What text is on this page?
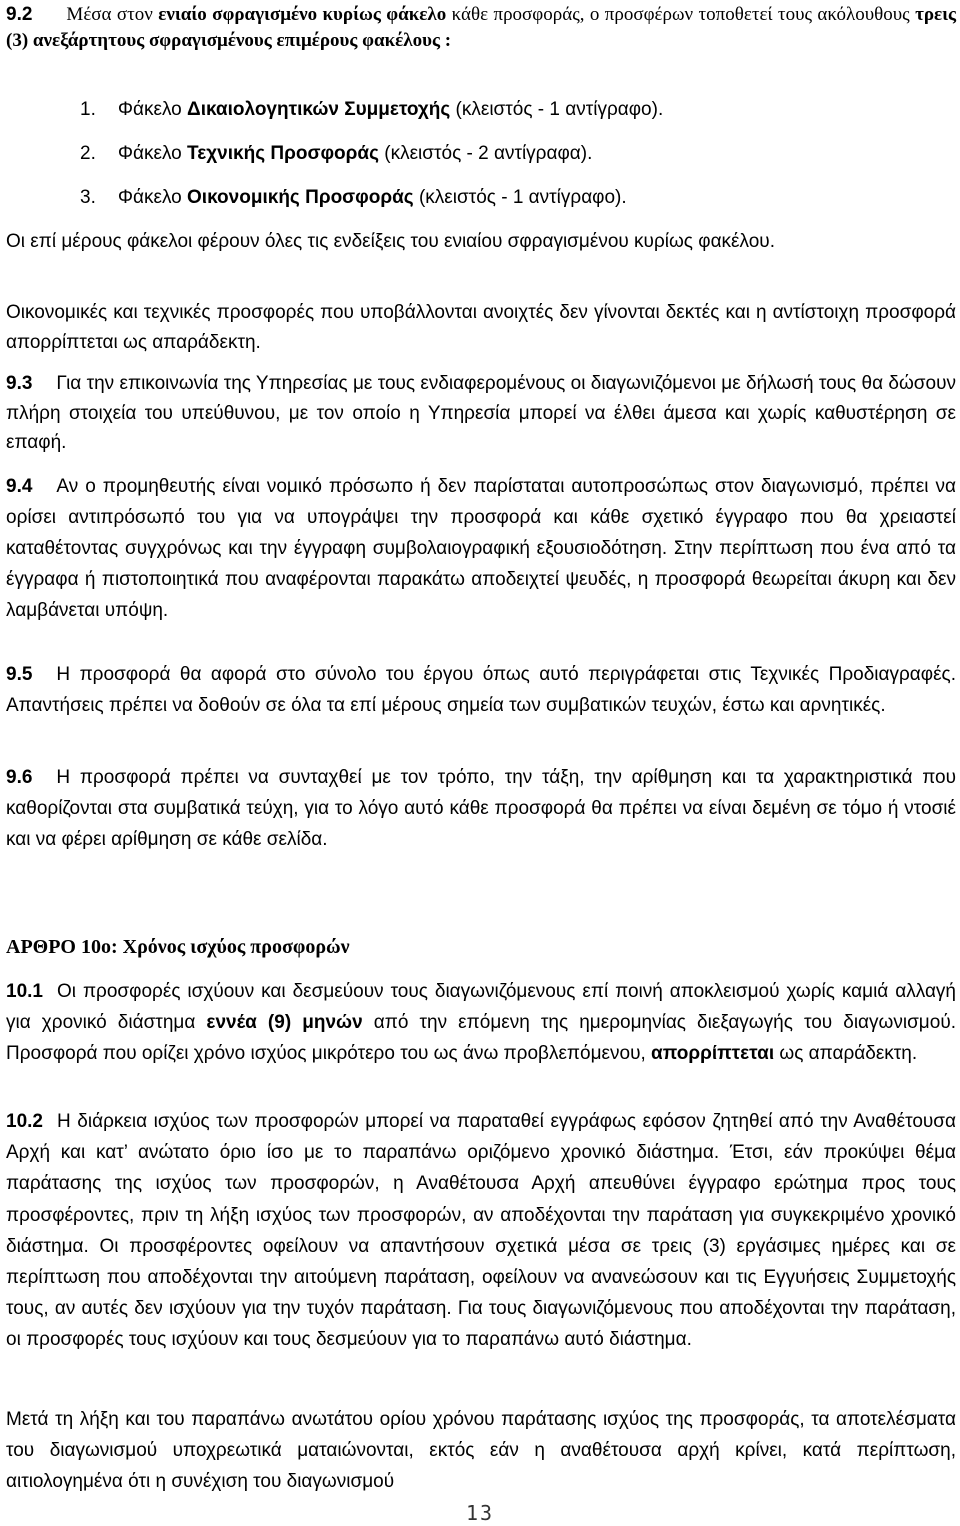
9.2 Μέσα στον ενιαίο σφραγισμένο κυρίως φάκελο κάθε προσφοράς, ο προσφέρων τοποθετεί τους ακόλουθους τρεις (3) ανεξάρτητους σφραγισμένους επιμέρους φακέλους :
1. Φάκελο Δικαιολογητικών Συμμετοχής (κλειστός - 1 αντίγραφο).
2. Φάκελο Τεχνικής Προσφοράς (κλειστός - 2 αντίγραφα).
3. Φάκελο Οικονομικής Προσφοράς (κλειστός - 1 αντίγραφο).
Οι επί μέρους φάκελοι φέρουν όλες τις ενδείξεις του ενιαίου σφραγισμένου κυρίως φακέλου.
Οικονομικές και τεχνικές προσφορές που υποβάλλονται ανοιχτές δεν γίνονται δεκτές και η αντίστοιχη προσφορά απορρίπτεται ως απαράδεκτη.
9.3 Για την επικοινωνία της Υπηρεσίας με τους ενδιαφερομένους οι διαγωνιζόμενοι με δήλωσή τους θα δώσουν πλήρη στοιχεία του υπεύθυνου, με τον οποίο η Υπηρεσία μπορεί να έλθει άμεσα και χωρίς καθυστέρηση σε επαφή.
9.4 Αν ο προμηθευτής είναι νομικό πρόσωπο ή δεν παρίσταται αυτοπροσώπως στον διαγωνισμό, πρέπει να ορίσει αντιπρόσωπό του για να υπογράψει την προσφορά και κάθε σχετικό έγγραφο που θα χρειαστεί καταθέτοντας συγχρόνως και την έγγραφη συμβολαιογραφική εξουσιοδότηση. Στην περίπτωση που ένα από τα έγγραφα ή πιστοποιητικά που αναφέρονται παρακάτω αποδειχτεί ψευδές, η προσφορά θεωρείται άκυρη και δεν λαμβάνεται υπόψη.
9.5 Η προσφορά θα αφορά στο σύνολο του έργου όπως αυτό περιγράφεται στις Τεχνικές Προδιαγραφές. Απαντήσεις πρέπει να δοθούν σε όλα τα επί μέρους σημεία των συμβατικών τευχών, έστω και αρνητικές.
9.6 Η προσφορά πρέπει να συνταχθεί με τον τρόπο, την τάξη, την αρίθμηση και τα χαρακτηριστικά που καθορίζονται στα συμβατικά τεύχη, για το λόγο αυτό κάθε προσφορά θα πρέπει να είναι δεμένη σε τόμο ή ντοσιέ και να φέρει αρίθμηση σε κάθε σελίδα.
ΑΡΘΡΟ 10ο: Χρόνος ισχύος προσφορών
10.1 Οι προσφορές ισχύουν και δεσμεύουν τους διαγωνιζόμενους επί ποινή αποκλεισμού χωρίς καμιά αλλαγή για χρονικό διάστημα εννέα (9) μηνών από την επόμενη της ημερομηνίας διεξαγωγής του διαγωνισμού. Προσφορά που ορίζει χρόνο ισχύος μικρότερο του ως άνω προβλεπόμενου, απορρίπτεται ως απαράδεκτη.
10.2 Η διάρκεια ισχύος των προσφορών μπορεί να παραταθεί εγγράφως εφόσον ζητηθεί από την Αναθέτουσα Αρχή και κατ’ ανώτατο όριο ίσο με το παραπάνω οριζόμενο χρονικό διάστημα. Έτσι, εάν προκύψει θέμα παράτασης της ισχύος των προσφορών, η Αναθέτουσα Αρχή απευθύνει έγγραφο ερώτημα προς τους προσφέροντες, πριν τη λήξη ισχύος των προσφορών, αν αποδέχονται την παράταση για συγκεκριμένο χρονικό διάστημα. Οι προσφέροντες οφείλουν να απαντήσουν σχετικά μέσα σε τρεις (3) εργάσιμες ημέρες και σε περίπτωση που αποδέχονται την αιτούμενη παράταση, οφείλουν να ανανεώσουν και τις Εγγυήσεις Συμμετοχής τους, αν αυτές δεν ισχύουν για την τυχόν παράταση. Για τους διαγωνιζόμενους που αποδέχονται την παράταση, οι προσφορές τους ισχύουν και τους δεσμεύουν για το παραπάνω αυτό διάστημα.
Μετά τη λήξη και του παραπάνω ανωτάτου ορίου χρόνου παράτασης ισχύος της προσφοράς, τα αποτελέσματα του διαγωνισμού υποχρεωτικά ματαιώνονται, εκτός εάν η αναθέτουσα αρχή κρίνει, κατά περίπτωση, αιτιολογημένα ότι η συνέχιση του διαγωνισμού
13
